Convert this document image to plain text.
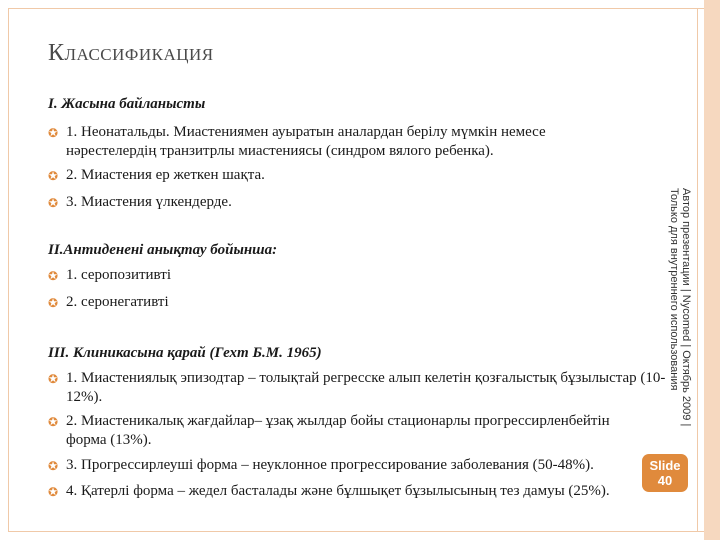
Классификация
I. Жасына байланысты
✪ 1. Неонатальды. Миастениямен ауыратын аналардан берілу мүмкін немесе нәрестелердің транзитрлы миастениясы (синдром вялого ребенка).
✪ 2. Миастения ер жеткен шақта.
✪ 3. Миастения үлкендерде.
II.Антиденені анықтау бойынша:
✪ 1. серопозитивті
✪ 2. серонегативті
III. Клиникасына қарай (Гехт Б.М. 1965)
✪ 1. Миастениялық эпизодтар – толықтай регресске алып келетін қозғалыстық бұзылыстар (10-12%).
✪ 2. Миастеникалық жағдайлар– ұзақ жылдар бойы стационарлы прогрессирленбейтін форма (13%).
✪ 3. Прогрессирлеуші форма – неуклонное прогрессирование заболевания (50-48%).
✪ 4. Қатерлі форма – жедел басталады және бұлшықет бұзылысының тез дамуы (25%).
Автор презентации | Nycomed | Октябрь 2009 | Только для внутреннего использования
Slide
40
